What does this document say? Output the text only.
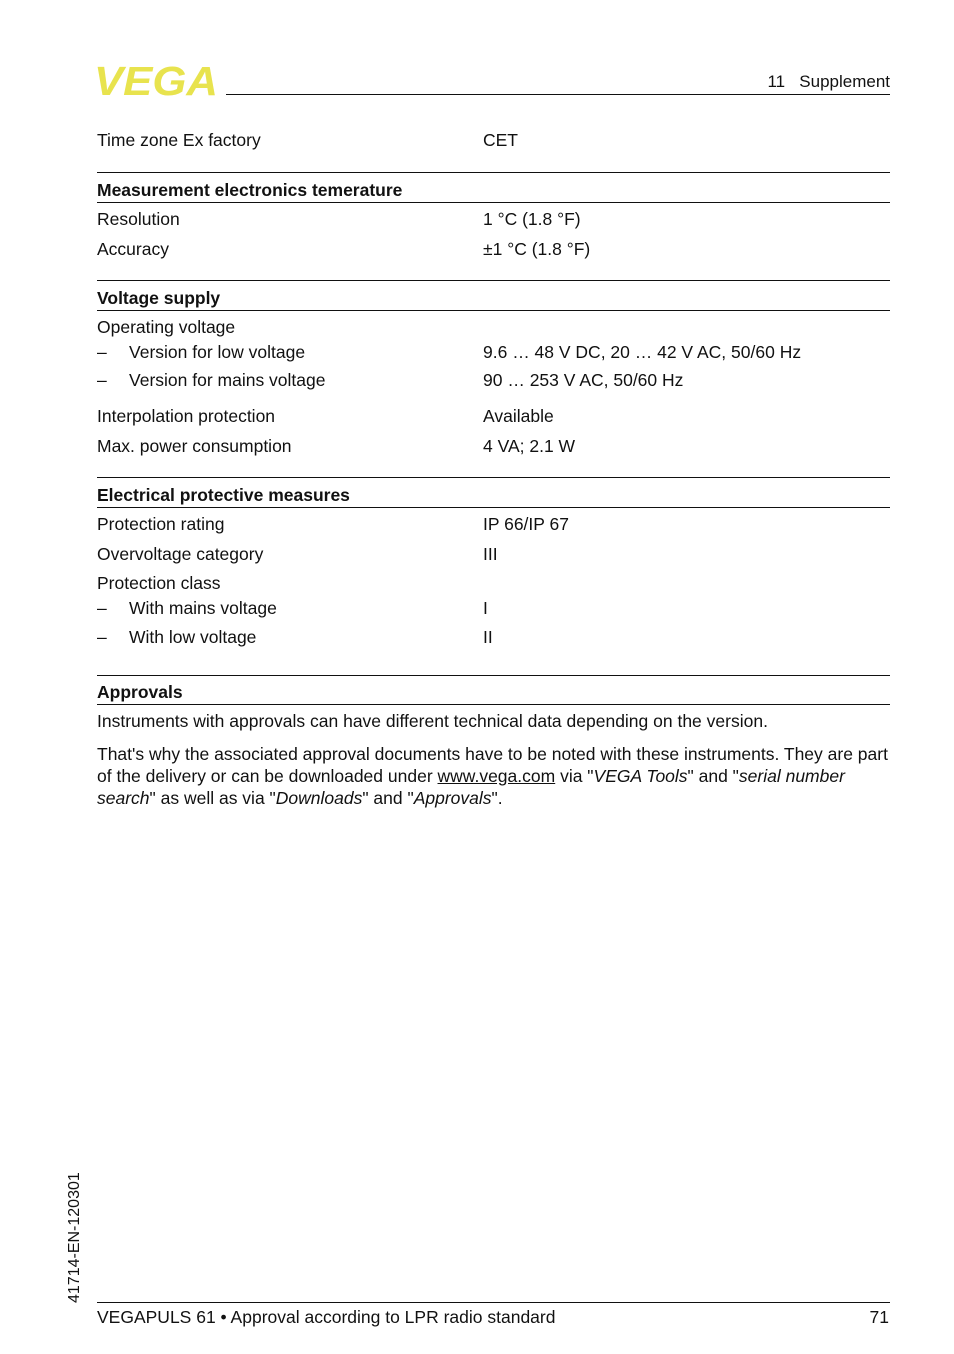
VEGA	11   Supplement
Time zone Ex factory	CET
Measurement electronics temerature
Resolution	1 °C (1.8 °F)
Accuracy	±1 °C (1.8 °F)
Voltage supply
Operating voltage
– Version for low voltage	9.6 … 48 V DC, 20 … 42 V AC, 50/60 Hz
– Version for mains voltage	90 … 253 V AC, 50/60 Hz
Interpolation protection	Available
Max. power consumption	4 VA; 2.1 W
Electrical protective measures
Protection rating	IP 66/IP 67
Overvoltage category	III
Protection class
– With mains voltage	I
– With low voltage	II
Approvals
Instruments with approvals can have different technical data depending on the version.
That's why the associated approval documents have to be noted with these instruments. They are part of the delivery or can be downloaded under www.vega.com via "VEGA Tools" and "serial number search" as well as via "Downloads" and "Approvals".
41714-EN-120301
VEGAPULS 61 • Approval according to LPR radio standard	71
